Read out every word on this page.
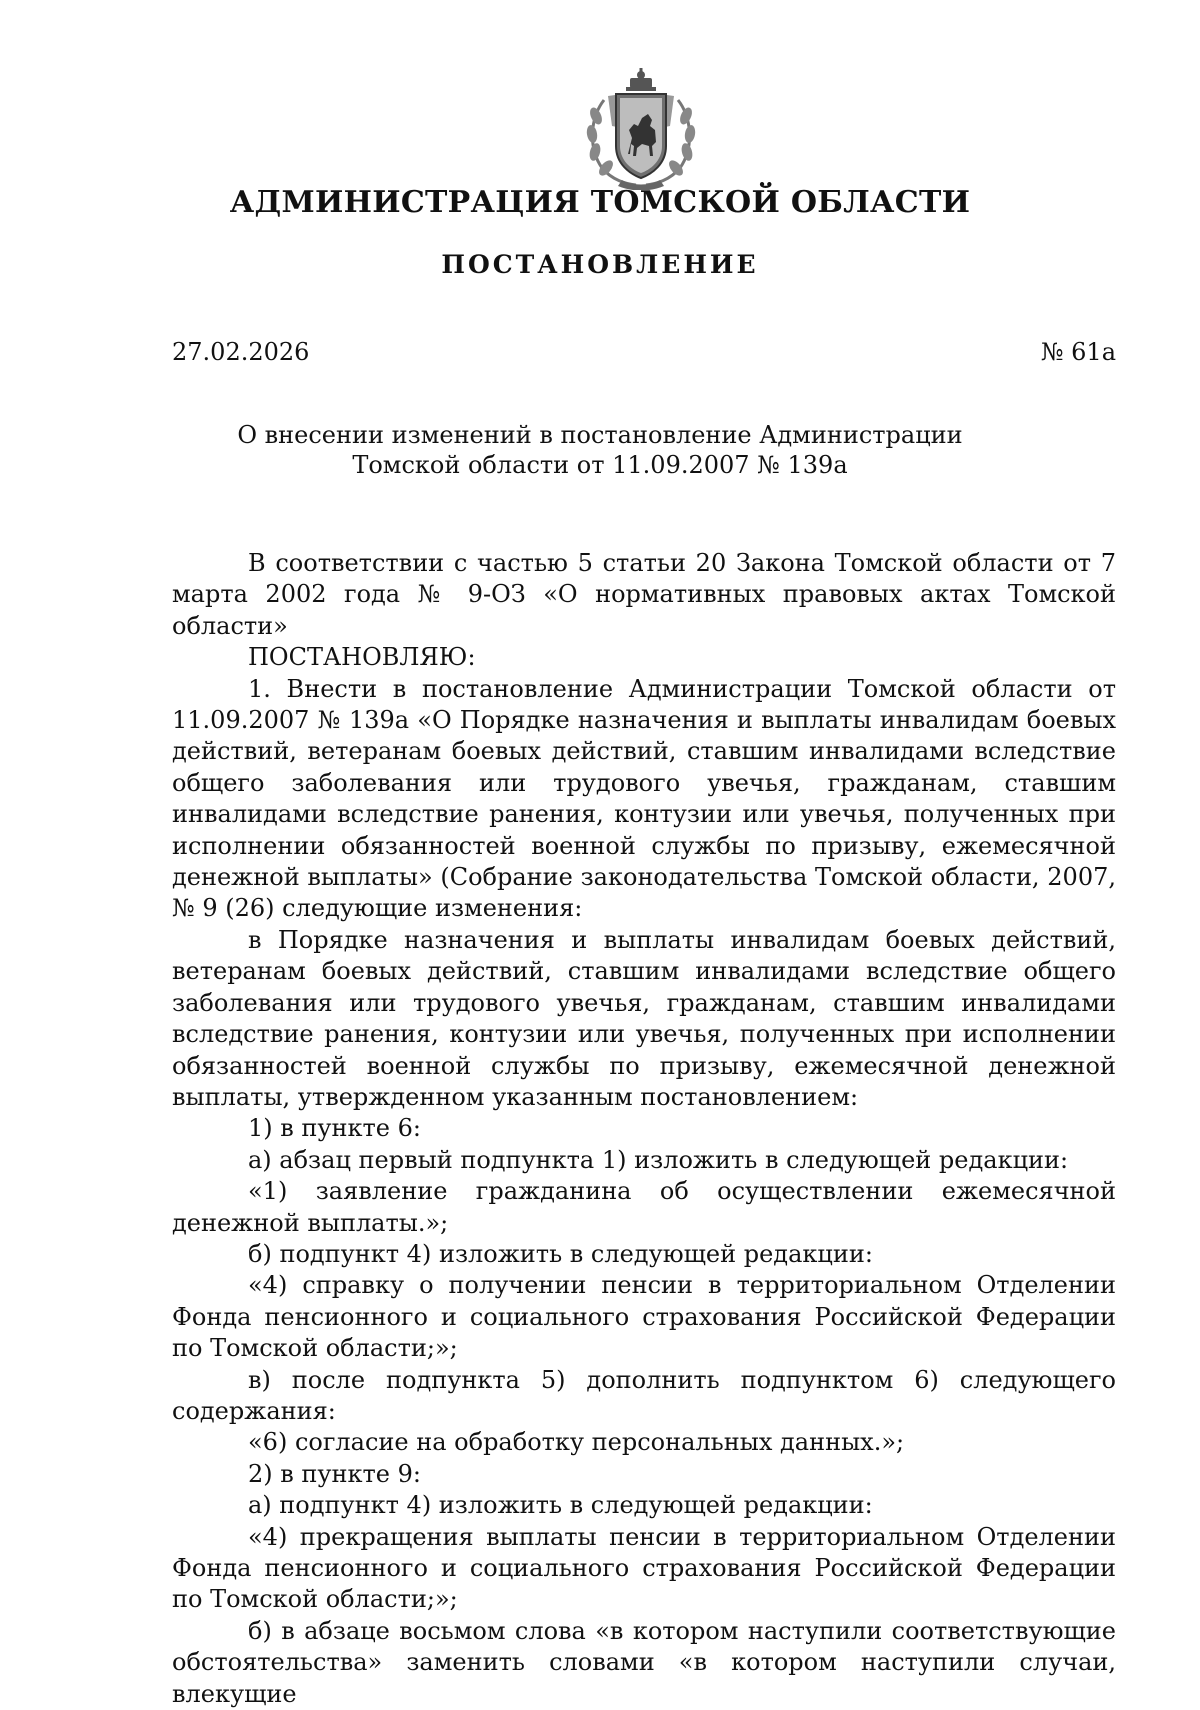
АДМИНИСТРАЦИЯ ТОМСКОЙ ОБЛАСТИ
ПОСТАНОВЛЕНИЕ
27.02.2026	№ 61а
О внесении изменений в постановление Администрации
Томской области от 11.09.2007 № 139а

В соответствии с частью 5 статьи 20 Закона Томской области от 7 марта 2002 года № 9-ОЗ «О нормативных правовых актах Томской области»

ПОСТАНОВЛЯЮ:

1. Внести в постановление Администрации Томской области от 11.09.2007 № 139а «О Порядке назначения и выплаты инвалидам боевых действий, ветеранам боевых действий, ставшим инвалидами вследствие общего заболевания или трудового увечья, гражданам, ставшим инвалидами вследствие ранения, контузии или увечья, полученных при исполнении обязанностей военной службы по призыву, ежемесячной денежной выплаты» (Собрание законодательства Томской области, 2007, № 9 (26) следующие изменения:

в Порядке назначения и выплаты инвалидам боевых действий, ветеранам боевых действий, ставшим инвалидами вследствие общего заболевания или трудового увечья, гражданам, ставшим инвалидами вследствие ранения, контузии или увечья, полученных при исполнении обязанностей военной службы по призыву, ежемесячной денежной выплаты, утвержденном указанным постановлением:

1) в пункте 6:

а) абзац первый подпункта 1) изложить в следующей редакции:

«1) заявление гражданина об осуществлении ежемесячной денежной выплаты.»;

б) подпункт 4) изложить в следующей редакции:

«4) справку о получении пенсии в территориальном Отделении Фонда пенсионного и социального страхования Российской Федерации по Томской области;»;

в) после подпункта 5) дополнить подпунктом 6) следующего содержания:

«6) согласие на обработку персональных данных.»;

2) в пункте 9:

а) подпункт 4) изложить в следующей редакции:

«4) прекращения выплаты пенсии в территориальном Отделении Фонда пенсионного и социального страхования Российской Федерации по Томской области;»;

б) в абзаце восьмом слова «в котором наступили соответствующие обстоятельства» заменить словами «в котором наступили случаи, влекущие
